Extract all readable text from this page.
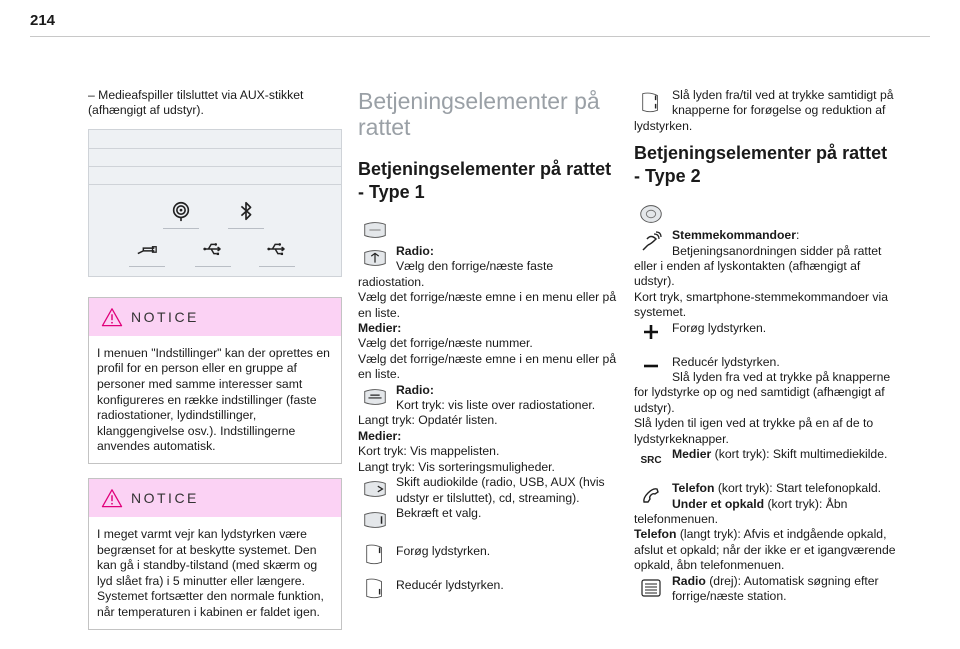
214

– Medieafspiller tilsluttet via AUX-stikket (afhængigt af udstyr).

NOTICE
I menuen "Indstillinger" kan der oprettes en profil for en person eller en gruppe af personer med samme interesser samt konfigureres en række indstillinger (faste radiostationer, lydindstillinger, klanggengivelse osv.). Indstillingerne anvendes automatisk.
NOTICE
I meget varmt vejr kan lydstyrken være begrænset for at beskytte systemet. Den kan gå i standby-tilstand (med skærm og lyd slået fra) i 5 minutter eller længere.
Systemet fortsætter den normale funktion, når temperaturen i kabinen er faldet igen.
Betjeningselementer på rattet
Betjeningselementer på rattet - Type 1

Radio:
Vælg den forrige/næste faste radiostation.
Vælg det forrige/næste emne i en menu eller på en liste.
Medier:
Vælg det forrige/næste nummer.
Vælg det forrige/næste emne i en menu eller på en liste.

Radio:
Kort tryk: vis liste over radiostationer.
Langt tryk: Opdatér listen.
Medier:
Kort tryk: Vis mappelisten.
Langt tryk: Vis sorteringsmuligheder.

Skift audiokilde (radio, USB, AUX (hvis udstyr er tilsluttet), cd, streaming).

Bekræft et valg.

Forøg lydstyrken.

Reducér lydstyrken.

Slå lyden fra/til ved at trykke samtidigt på knapperne for forøgelse og reduktion af lydstyrken.

Betjeningselementer på rattet - Type 2

Stemmekommandoer:
Betjeningsanordningen sidder på rattet eller i enden af lyskontakten (afhængigt af udstyr).
Kort tryk, smartphone-stemmekommandoer via systemet.

Forøg lydstyrken.

Reducér lydstyrken.
Slå lyden fra ved at trykke på knapperne for lydstyrke op og ned samtidigt (afhængigt af udstyr).
Slå lyden til igen ved at trykke på en af de to lydstyrkeknapper.

SRC Medier (kort tryk): Skift multimediekilde.

Telefon (kort tryk): Start telefonopkald.
Under et opkald (kort tryk): Åbn telefonmenuen.
Telefon (langt tryk): Afvis et indgående opkald, afslut et opkald; når der ikke er et igangværende opkald, åbn telefonmenuen.

Radio (drej): Automatisk søgning efter forrige/næste station.
